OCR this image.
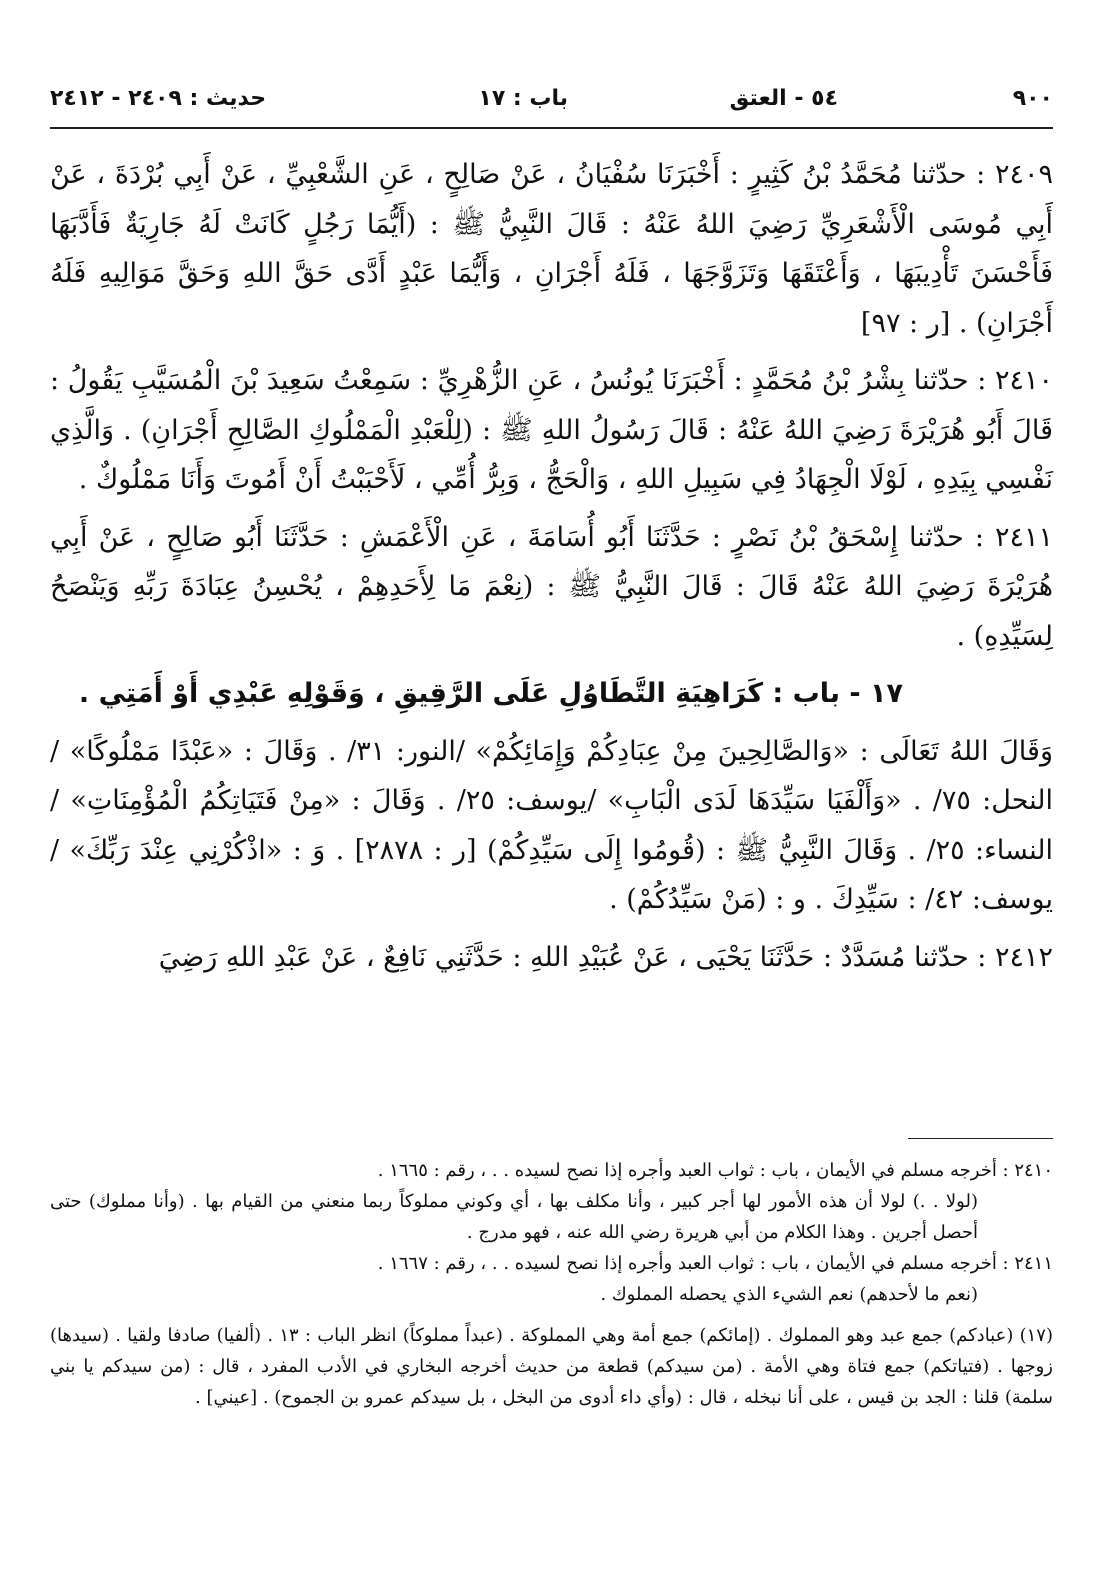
٩٠٠
٥٤ - العتق
باب : ١٧
حديث : ٢٤٠٩ - ٢٤١٢

٢٤٠٩ : حدّثنا مُحَمَّدُ بْنُ كَثِيرٍ : أَخْبَرَنَا سُفْيَانُ ، عَنْ صَالِحٍ ، عَنِ الشَّعْبِيِّ ، عَنْ أَبِي بُرْدَةَ ، عَنْ أَبِي مُوسَى الْأَشْعَرِيِّ رَضِيَ اللهُ عَنْهُ : قَالَ النَّبِيُّ ﷺ : (أَيُّمَا رَجُلٍ كَانَتْ لَهُ جَارِيَةٌ فَأَدَّبَهَا فَأَحْسَنَ تَأْدِيبَهَا ، وَأَعْتَقَهَا وَتَزَوَّجَهَا ، فَلَهُ أَجْرَانِ ، وَأَيُّمَا عَبْدٍ أَدَّى حَقَّ اللهِ وَحَقَّ مَوَالِيهِ فَلَهُ أَجْرَانِ) . [ر : ٩٧]

٢٤١٠ : حدّثنا بِشْرُ بْنُ مُحَمَّدٍ : أَخْبَرَنَا يُونُسُ ، عَنِ الزُّهْرِيِّ : سَمِعْتُ سَعِيدَ بْنَ الْمُسَيَّبِ يَقُولُ : قَالَ أَبُو هُرَيْرَةَ رَضِيَ اللهُ عَنْهُ : قَالَ رَسُولُ اللهِ ﷺ : (لِلْعَبْدِ الْمَمْلُوكِ الصَّالِحِ أَجْرَانِ) . وَالَّذِي نَفْسِي بِيَدِهِ ، لَوْلَا الْجِهَادُ فِي سَبِيلِ اللهِ ، وَالْحَجُّ ، وَبِرُّ أُمِّي ، لَأَحْبَبْتُ أَنْ أَمُوتَ وَأَنَا مَمْلُوكٌ .

٢٤١١ : حدّثنا إِسْحَقُ بْنُ نَصْرٍ : حَدَّثَنَا أَبُو أُسَامَةَ ، عَنِ الْأَعْمَشِ : حَدَّثَنَا أَبُو صَالِحٍ ، عَنْ أَبِي هُرَيْرَةَ رَضِيَ اللهُ عَنْهُ قَالَ : قَالَ النَّبِيُّ ﷺ : (نِعْمَ مَا لِأَحَدِهِمْ ، يُحْسِنُ عِبَادَةَ رَبِّهِ وَيَنْصَحُ لِسَيِّدِهِ) .

١٧ - باب : كَرَاهِيَةِ التَّطَاوُلِ عَلَى الرَّقِيقِ ، وَقَوْلِهِ عَبْدِي أَوْ أَمَتِي .

وَقَالَ اللهُ تَعَالَى : «وَالصَّالِحِينَ مِنْ عِبَادِكُمْ وَإِمَائِكُمْ» /النور: ٣١/ . وَقَالَ : «عَبْدًا مَمْلُوكًا» /النحل: ٧٥/ . «وَأَلْفَيَا سَيِّدَهَا لَدَى الْبَابِ» /يوسف: ٢٥/ . وَقَالَ : «مِنْ فَتَيَاتِكُمُ الْمُؤْمِنَاتِ» /النساء: ٢٥/ . وَقَالَ النَّبِيُّ ﷺ : (قُومُوا إِلَى سَيِّدِكُمْ) [ر : ٢٨٧٨] . وَ : «اذْكُرْنِي عِنْدَ رَبِّكَ» /يوسف: ٤٢/ : سَيِّدِكَ . و : (مَنْ سَيِّدُكُمْ) .

٢٤١٢ : حدّثنا مُسَدَّدٌ : حَدَّثَنَا يَحْيَى ، عَنْ عُبَيْدِ اللهِ : حَدَّثَنِي نَافِعٌ ، عَنْ عَبْدِ اللهِ رَضِيَ

٢٤١٠ : أخرجه مسلم في الأيمان ، باب : ثواب العبد وأجره إذا نصح لسيده . . ، رقم : ١٦٦٥ .

(لولا . .) لولا أن هذه الأمور لها أجر كبير ، وأنا مكلف بها ، أي وكوني مملوكاً ربما منعني من القيام بها . (وأنا مملوك) حتى أحصل أجرين . وهذا الكلام من أبي هريرة رضي الله عنه ، فهو مدرج .

٢٤١١ : أخرجه مسلم في الأيمان ، باب : ثواب العبد وأجره إذا نصح لسيده . . ، رقم : ١٦٦٧ .

(نعم ما لأحدهم) نعم الشيء الذي يحصله المملوك .

(١٧) (عبادكم) جمع عبد وهو المملوك . (إمائكم) جمع أمة وهي المملوكة . (عبداً مملوكاً) انظر الباب : ١٣ . (ألفيا) صادفا ولقيا . (سيدها) زوجها . (فتياتكم) جمع فتاة وهي الأمة . (من سيدكم) قطعة من حديث أخرجه البخاري في الأدب المفرد ، قال : (من سيدكم يا بني سلمة) قلنا : الجد بن قيس ، على أنا نبخله ، قال : (وأي داء أدوى من البخل ، بل سيدكم عمرو بن الجموح) . [عيني] .
